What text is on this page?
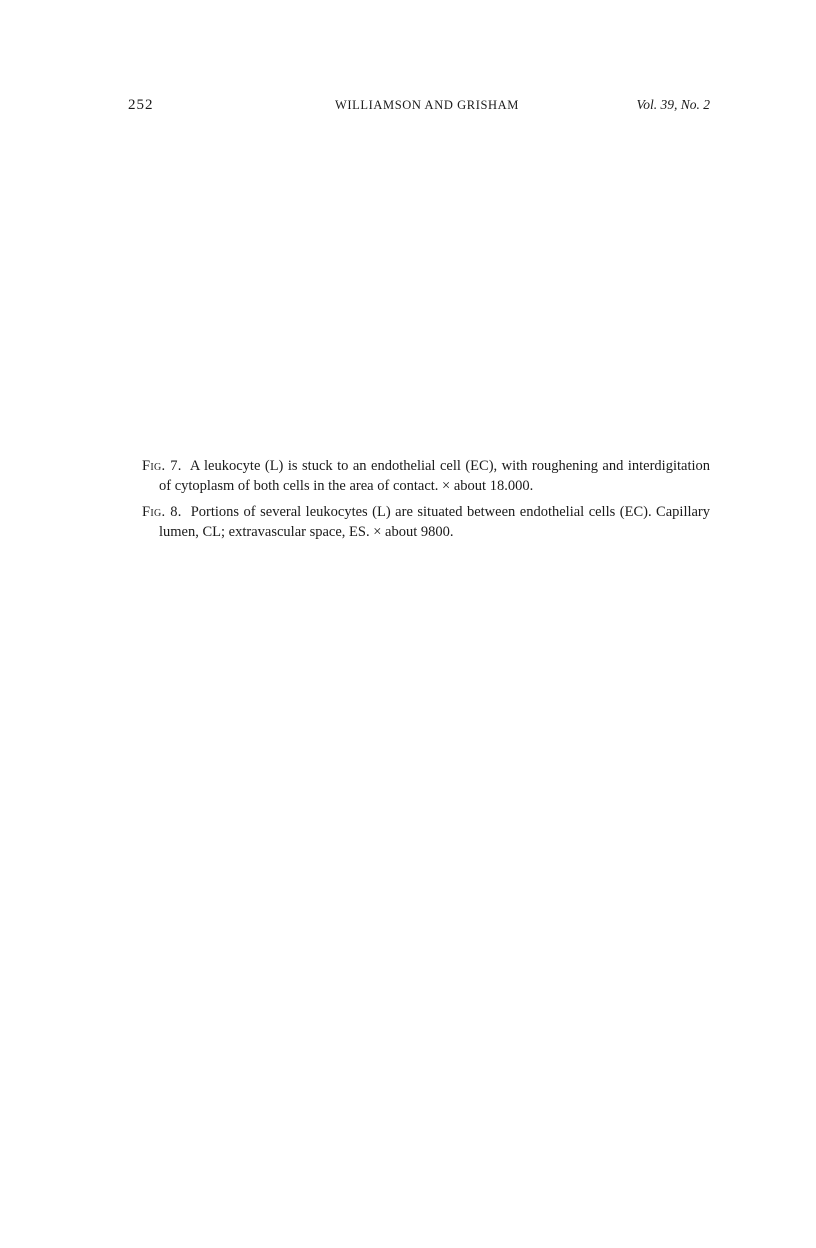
252	WILLIAMSON AND GRISHAM	Vol. 39, No. 2

Fig. 7. A leukocyte (L) is stuck to an endothelial cell (EC), with roughening and interdigitation of cytoplasm of both cells in the area of contact. × about 18.000.

Fig. 8. Portions of several leukocytes (L) are situated between endothelial cells (EC). Capillary lumen, CL; extravascular space, ES. × about 9800.
